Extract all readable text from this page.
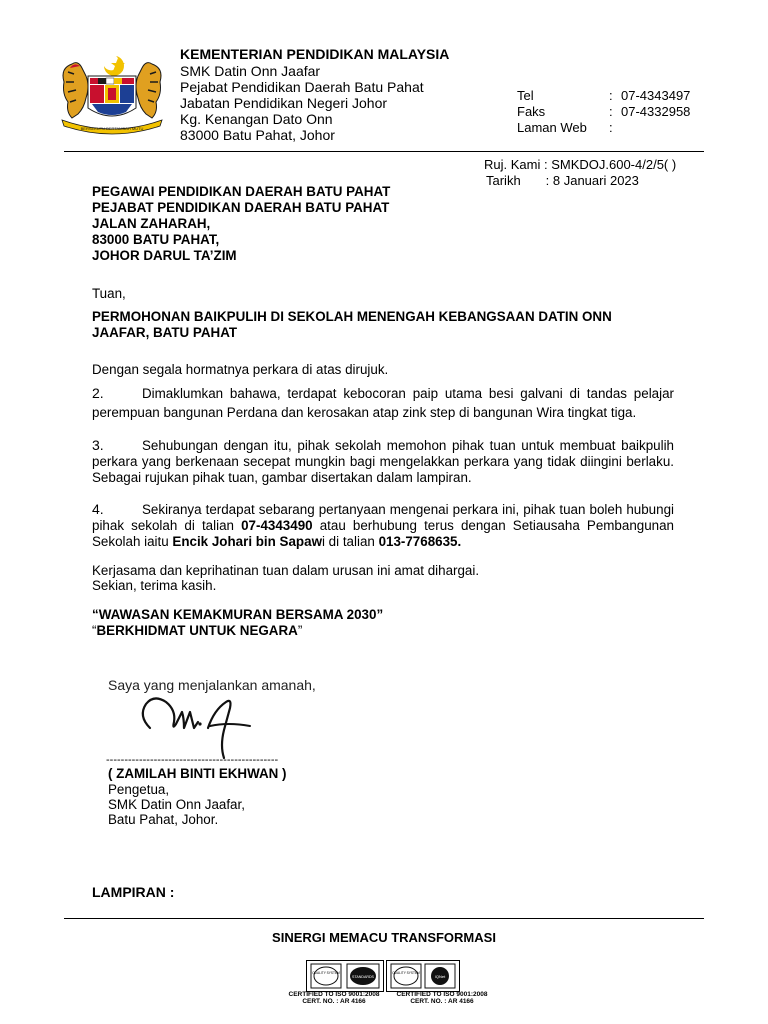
BERSEKUTU BERTAMBAH MUTU
KEMENTERIAN PENDIDIKAN MALAYSIA
SMK Datin Onn Jaafar
Pejabat Pendidikan Daerah Batu Pahat
Jabatan Pendidikan Negeri Johor
Kg. Kenangan Dato Onn
83000 Batu Pahat, Johor
Tel	:	07-4343497
Faks	:	07-4332958
Laman Web	:	
Ruj. Kami : SMKDOJ.600-4/2/5( )
Tarikh : 8 Januari 2023
PEGAWAI PENDIDIKAN DAERAH BATU PAHAT
PEJABAT PENDIDIKAN DAERAH BATU PAHAT
JALAN ZAHARAH,
83000 BATU PAHAT,
JOHOR DARUL TA’ZIM
Tuan,
PERMOHONAN BAIKPULIH DI SEKOLAH MENENGAH KEBANGSAAN DATIN ONN
JAAFAR, BATU PAHAT
Dengan segala hormatnya perkara di atas dirujuk.
2.	Dimaklumkan bahawa, terdapat kebocoran paip utama besi galvani di tandas pelajar perempuan bangunan Perdana dan kerosakan atap zink step di bangunan Wira tingkat tiga.
3.	Sehubungan dengan itu, pihak sekolah memohon pihak tuan untuk membuat baikpulih perkara yang berkenaan secepat mungkin bagi mengelakkan perkara yang tidak diingini berlaku. Sebagai rujukan pihak tuan, gambar disertakan dalam lampiran.
4.	Sekiranya terdapat sebarang pertanyaan mengenai perkara ini, pihak tuan boleh hubungi pihak sekolah di talian 07-4343490 atau berhubung terus dengan Setiausaha Pembangunan Sekolah iaitu Encik Johari bin Sapawi di talian 013-7768635.
Kerjasama dan keprihatinan tuan dalam urusan ini amat dihargai.
Sekian, terima kasih.
“WAWASAN KEMAKMURAN BERSAMA 2030”
“BERKHIDMAT UNTUK NEGARA”
Saya yang menjalankan amanah,
-----------------------------------------------
( ZAMILAH BINTI EKHWAN )
Pengetua,
SMK Datin Onn Jaafar,
Batu Pahat, Johor.
LAMPIRAN :
SINERGI MEMACU TRANSFORMASI
QUALITY SYSTEM
STANDARDS
QUALITY SYSTEM
IQNet
CERTIFIED TO ISO 9001:2008
CERT. NO. : AR 4166
CERTIFIED TO ISO 9001:2008
CERT. NO. : AR 4166
